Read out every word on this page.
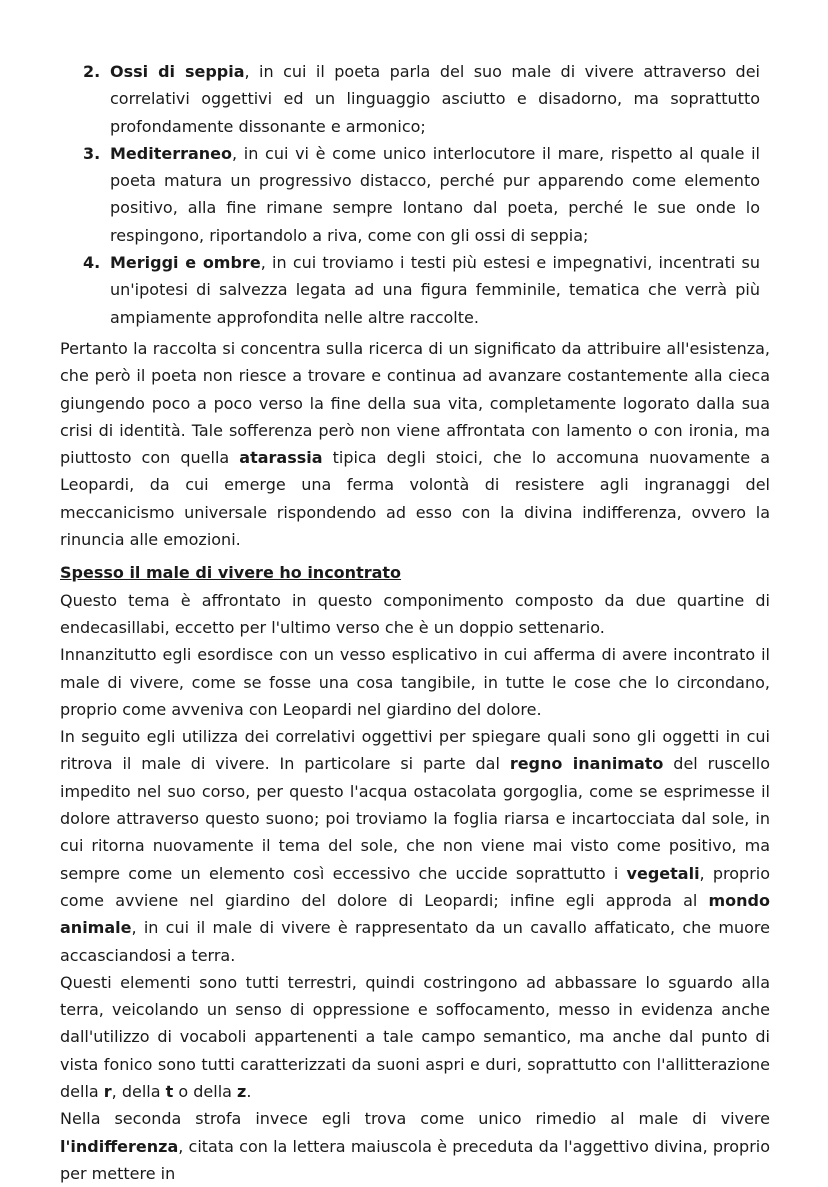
2. Ossi di seppia, in cui il poeta parla del suo male di vivere attraverso dei correlativi oggettivi ed un linguaggio asciutto e disadorno, ma soprattutto profondamente dissonante e armonico;
3. Mediterraneo, in cui vi è come unico interlocutore il mare, rispetto al quale il poeta matura un progressivo distacco, perché pur apparendo come elemento positivo, alla fine rimane sempre lontano dal poeta, perché le sue onde lo respingono, riportandolo a riva, come con gli ossi di seppia;
4. Meriggi e ombre, in cui troviamo i testi più estesi e impegnativi, incentrati su un'ipotesi di salvezza legata ad una figura femminile, tematica che verrà più ampiamente approfondita nelle altre raccolte.

Pertanto la raccolta si concentra sulla ricerca di un significato da attribuire all'esistenza, che però il poeta non riesce a trovare e continua ad avanzare costantemente alla cieca giungendo poco a poco verso la fine della sua vita, completamente logorato dalla sua crisi di identità. Tale sofferenza però non viene affrontata con lamento o con ironia, ma piuttosto con quella atarassia tipica degli stoici, che lo accomuna nuovamente a Leopardi, da cui emerge una ferma volontà di resistere agli ingranaggi del meccanicismo universale rispondendo ad esso con la divina indifferenza, ovvero la rinuncia alle emozioni.

Spesso il male di vivere ho incontrato

Questo tema è affrontato in questo componimento composto da due quartine di endecasillabi, eccetto per l'ultimo verso che è un doppio settenario.

Innanzitutto egli esordisce con un vesso esplicativo in cui afferma di avere incontrato il male di vivere, come se fosse una cosa tangibile, in tutte le cose che lo circondano, proprio come avveniva con Leopardi nel giardino del dolore.

In seguito egli utilizza dei correlativi oggettivi per spiegare quali sono gli oggetti in cui ritrova il male di vivere. In particolare si parte dal regno inanimato del ruscello impedito nel suo corso, per questo l'acqua ostacolata gorgoglia, come se esprimesse il dolore attraverso questo suono; poi troviamo la foglia riarsa e incartocciata dal sole, in cui ritorna nuovamente il tema del sole, che non viene mai visto come positivo, ma sempre come un elemento così eccessivo che uccide soprattutto i vegetali, proprio come avviene nel giardino del dolore di Leopardi; infine egli approda al mondo animale, in cui il male di vivere è rappresentato da un cavallo affaticato, che muore accasciandosi a terra.

Questi elementi sono tutti terrestri, quindi costringono ad abbassare lo sguardo alla terra, veicolando un senso di oppressione e soffocamento, messo in evidenza anche dall'utilizzo di vocaboli appartenenti a tale campo semantico, ma anche dal punto di vista fonico sono tutti caratterizzati da suoni aspri e duri, soprattutto con l'allitterazione della r, della t o della z.

Nella seconda strofa invece egli trova come unico rimedio al male di vivere l'indifferenza, citata con la lettera maiuscola è preceduta da l'aggettivo divina, proprio per mettere in
